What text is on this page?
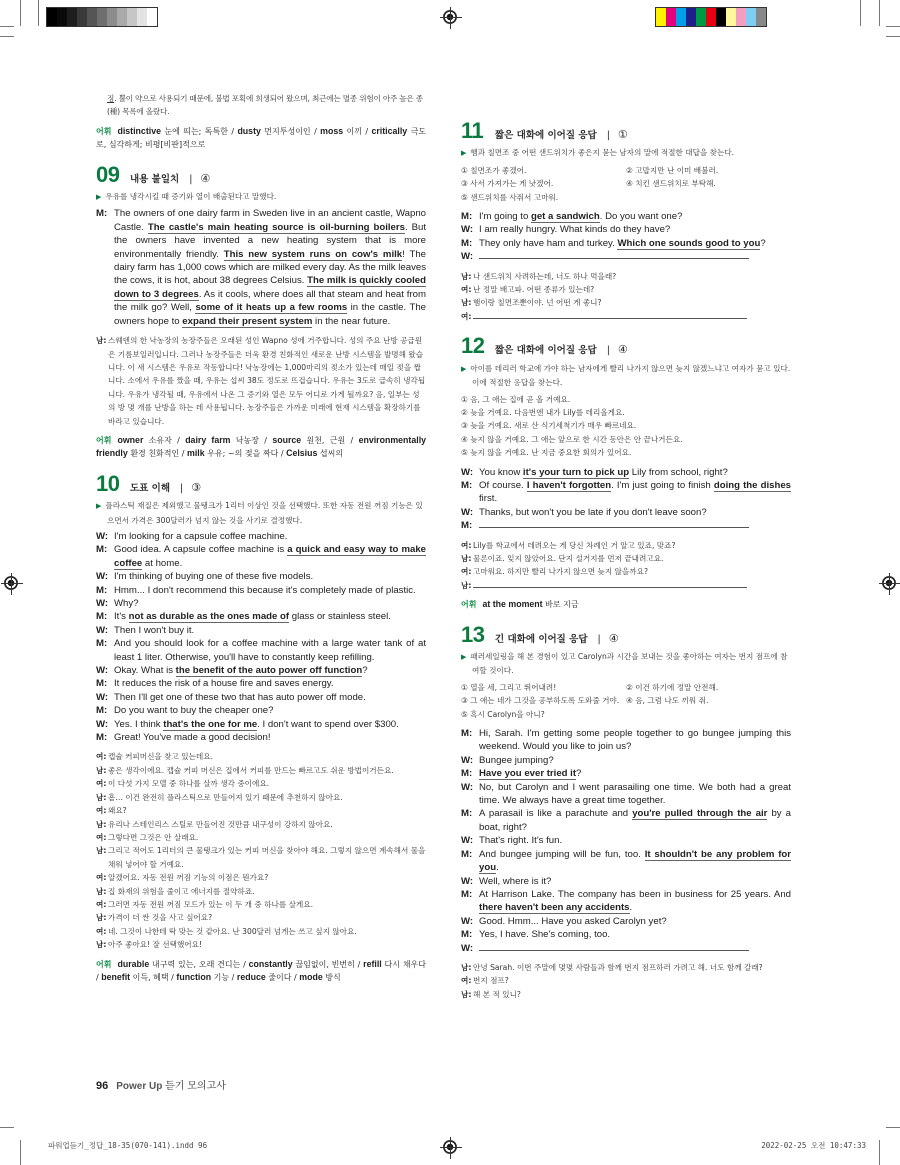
징. 뿔이 약으로 사용되기 때문에, 불법 포획에 희생되어 왔으며, 최근에는 멸종 위험이 아주 높은 종(種) 목록에 올랐다.

어휘 distinctive 눈에 띄는; 독특한 / dusty 먼지투성이인 / moss 이끼 / critically 극도로, 심각하게; 비평[비판]적으로

09	내용 불일치 | ④

▶ 우유를 냉각시킬 때 증기와 열이 배출된다고 말했다.

M: The owners of one dairy farm in Sweden live in an ancient castle, Wapno Castle. The castle's main heating source is oil-burning boilers. But the owners have invented a new heating system that is more environmentally friendly. This new system runs on cow's milk! The dairy farm has 1,000 cows which are milked every day. As the milk leaves the cows, it is hot, about 38 degrees Celsius. The milk is quickly cooled down to 3 degrees. As it cools, where does all that steam and heat from the milk go? Well, some of it heats up a few rooms in the castle. The owners hope to expand their present system in the near future.
남: 스웨덴의 한 낙농장의 농장주들은 오래된 성인 Wapno 성에 거주합니다. 성의 주요 난방 공급원은 기름보일러입니다. 그러나 농장주들은 더욱 환경 친화적인 새로운 난방 시스템을 발명해 왔습니다. 이 새 시스템은 우유로 작동합니다! 낙농장에는 1,000마리의 젖소가 있는데 매일 젖을 짭니다. 소에서 우유를 짰을 때, 우유는 섭씨 38도 정도로 뜨겁습니다. 우유는 3도로 급속히 냉각됩니다. 우유가 냉각될 때, 우유에서 나온 그 증기와 열은 모두 어디로 가게 될까요? 음, 일부는 성의 방 몇 개를 난방을 하는 데 사용됩니다. 농장주들은 가까운 미래에 현재 시스템을 확장하기를 바라고 있습니다.

어휘 owner 소유자 / dairy farm 낙농장 / source 원천, 근원 / environmentally friendly 환경 친화적인 / milk 우유; ~의 젖을 짜다 / Celsius 섭씨의

10	도표 이해 | ③

▶ 플라스틱 재질은 제외했고 물탱크가 1리터 이상인 것을 선택했다. 또한 자동 전원 꺼짐 기능은 있으면서 가격은 300달러가 넘지 않는 것을 사기로 결정했다.

W: I'm looking for a capsule coffee machine.
M: Good idea. A capsule coffee machine is a quick and easy way to make coffee at home.
W: I'm thinking of buying one of these five models.
M: Hmm... I don't recommend this because it's completely made of plastic.
W: Why?
M: It's not as durable as the ones made of glass or stainless steel.
W: Then I won't buy it.
M: And you should look for a coffee machine with a large water tank of at least 1 liter. Otherwise, you'll have to constantly keep refilling.
W: Okay. What is the benefit of the auto power off function?
M: It reduces the risk of a house fire and saves energy.
W: Then I'll get one of these two that has auto power off mode.
M: Do you want to buy the cheaper one?
W: Yes. I think that's the one for me. I don't want to spend over $300.
M: Great! You've made a good decision!
여: 캡슐 커피머신을 찾고 있는데요.
남: 좋은 생각이에요. 캡슐 커피 머신은 집에서 커피를 만드는 빠르고도 쉬운 방법이거든요.
여: 이 다섯 가지 모델 중 하나를 살까 생각 중이에요.
남: 흠… 이건 완전히 플라스틱으로 만들어져 있기 때문에 추천하지 않아요.
여: 왜요?
남: 유리나 스테인리스 스틸로 만들어진 것만큼 내구성이 강하지 않아요.
여: 그렇다면 그것은 안 살래요.
남: 그리고 적어도 1리터의 큰 물탱크가 있는 커피 머신을 찾아야 해요. 그렇지 않으면 계속해서 물을 채워 넣어야 할 거예요.
여: 알겠어요. 자동 전원 꺼짐 기능의 이점은 뭔가요?
남: 집 화재의 위험을 줄이고 에너지를 절약하죠.
여: 그러면 자동 전원 꺼짐 모드가 있는 이 두 개 중 하나를 살게요.
남: 가격이 더 싼 것을 사고 싶어요?
여: 네. 그것이 나한테 딱 맞는 것 같아요. 난 300달러 넘게는 쓰고 싶지 않아요.
남: 아주 좋아요! 잘 선택했어요!

어휘 durable 내구력 있는, 오래 견디는 / constantly 끊임없이, 빈번히 / refill 다시 채우다 / benefit 이득, 혜택 / function 기능 / reduce 줄이다 / mode 방식

11	짧은 대화에 이어질 응답 | ①

▶ 햄과 칠면조 중 어떤 샌드위치가 좋은지 묻는 남자의 말에 적절한 대답을 찾는다.

① 칠면조가 좋겠어.	② 고맙지만 난 이미 배불러.
③ 사서 가져가는 게 낫겠어.	④ 치킨 샌드위치로 부탁해.
⑤ 샌드위치를 사줘서 고마워.
M: I'm going to get a sandwich. Do you want one?
W: I am really hungry. What kinds do they have?
M: They only have ham and turkey. Which one sounds good to you?
W:
남: 나 샌드위치 사려하는데, 너도 하나 먹을래?
여: 난 정말 배고파. 어떤 종류가 있는데?
남: 햄이랑 칠면조뿐이야. 넌 어떤 게 좋니?
여:
12	짧은 대화에 이어질 응답 | ④

▶ 아이를 데리러 학교에 가야 하는 남자에게 빨리 나가지 않으면 늦지 않겠느냐고 여자가 묻고 있다. 이에 적절한 응답을 찾는다.

① 음, 그 애는 집에 곧 올 거예요.
② 늦을 거예요. 다음번엔 내가 Lily를 데리올게요.
③ 늦을 거예요. 새로 산 식기세척기가 매우 빠르네요.
④ 늦지 않을 거예요. 그 애는 앞으로 한 시간 동안은 안 끝나거든요.
⑤ 늦지 않을 거예요. 난 지금 중요한 회의가 있어요.
W: You know it's your turn to pick up Lily from school, right?
M: Of course. I haven't forgotten. I'm just going to finish doing the dishes first.
W: Thanks, but won't you be late if you don't leave soon?
M:
여: Lily를 학교에서 데려오는 게 당신 차례인 거 알고 있죠, 맞죠?
남: 물론이죠. 잊지 않았어요. 단지 설거지를 먼저 끝내려고요.
여: 고마워요. 하지만 빨리 나가지 않으면 늦지 않을까요?
남:

어휘 at the moment 바로 지금

13	긴 대화에 이어질 응답 | ④

▶ 패러세일링을 해 본 경험이 있고 Carolyn과 시간을 보내는 것을 좋아하는 여자는 번지 점프에 참여할 것이다.

① 열을 세, 그리고 뛰어내려!	② 이건 하기에 정말 안전해.
③ 그 애는 네가 그것을 공부하도록 도와줄 거야. ④ 음, 그럼 나도 끼워 줘.
⑤ 혹시 Carolyn을 아니?
M: Hi, Sarah. I'm getting some people together to go bungee jumping this weekend. Would you like to join us?
W: Bungee jumping?
M: Have you ever tried it?
W: No, but Carolyn and I went parasailing one time. We both had a great time. We always have a great time together.
M: A parasail is like a parachute and you're pulled through the air by a boat, right?
W: That's right. It's fun.
M: And bungee jumping will be fun, too. It shouldn't be any problem for you.
W: Well, where is it?
M: At Harrison Lake. The company has been in business for 25 years. And there haven't been any accidents.
W: Good. Hmm... Have you asked Carolyn yet?
M: Yes, I have. She's coming, too.
W:
남: 안녕 Sarah. 이번 주말에 몇몇 사람들과 함께 번지 점프하러 가려고 해. 너도 함께 갈래?
여: 번지 점프?
남: 해 본 적 있니?
96 Power Up 듣기 모의고사
파워업듣기_정답_18-35(070-141).indd 96	2022-02-25 오전 10:47:33
